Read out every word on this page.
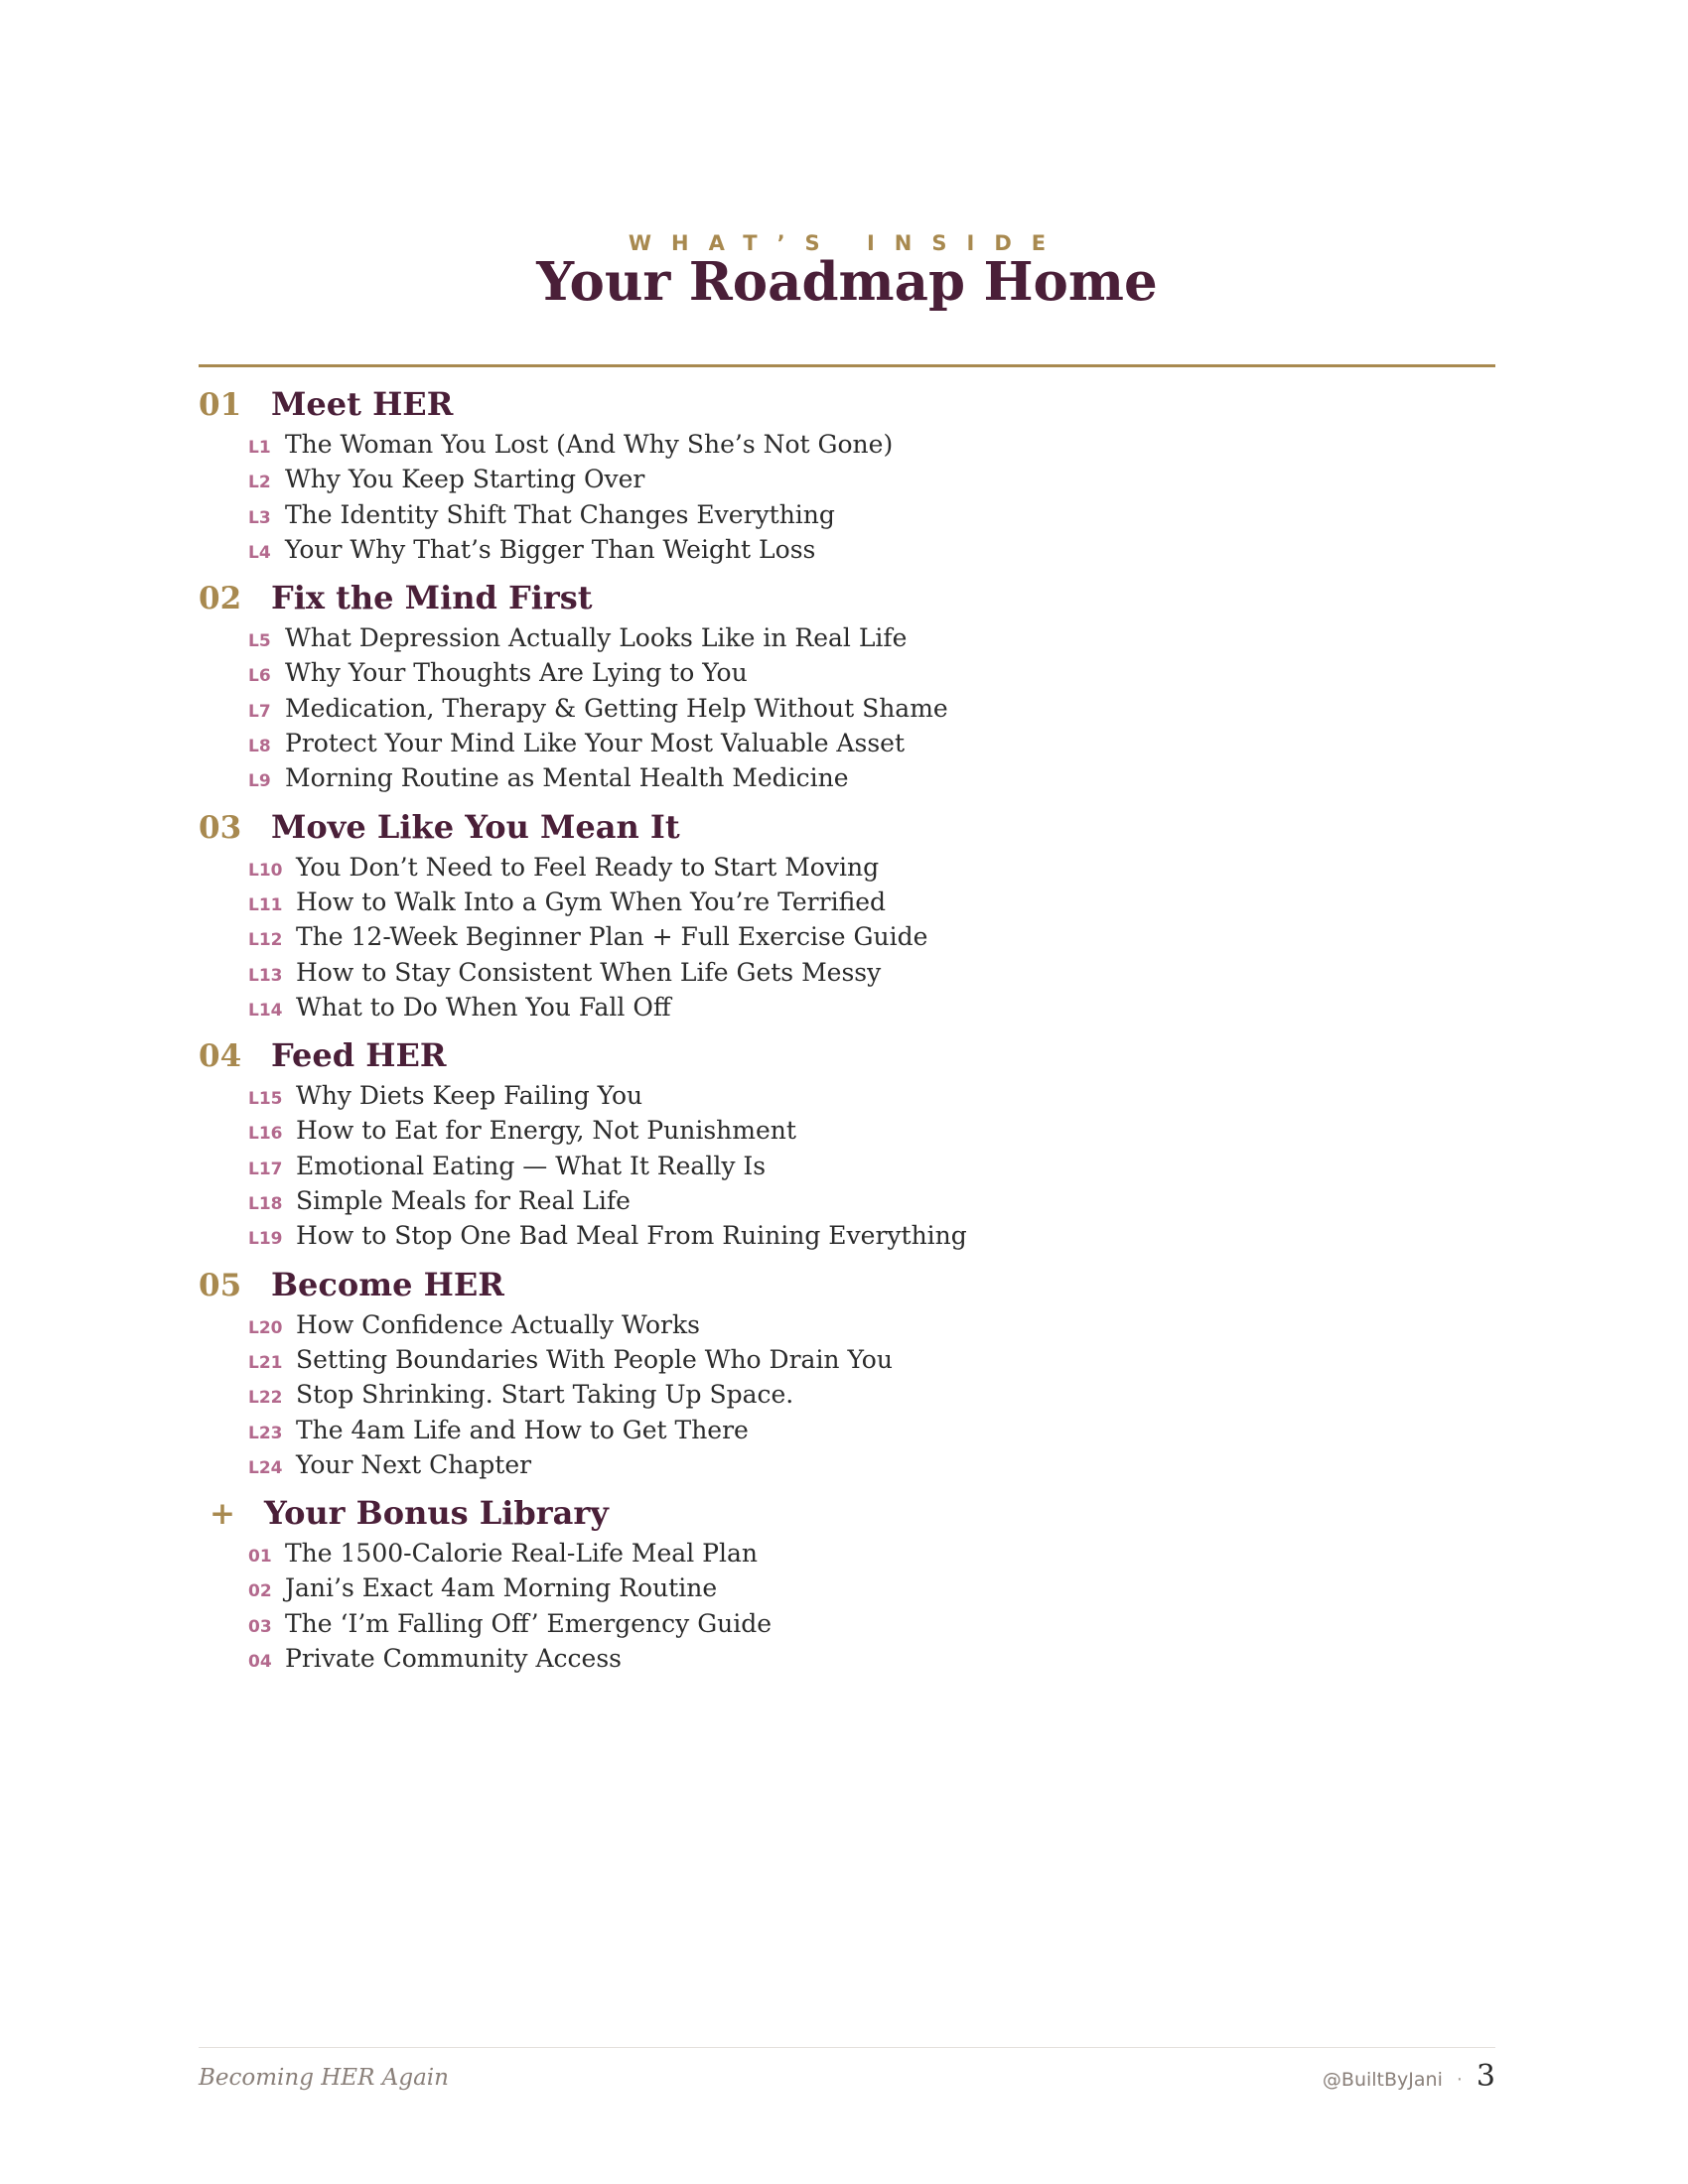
WHAT’S INSIDE
Your Roadmap Home
01 Meet HER
L1 The Woman You Lost (And Why She’s Not Gone)
L2 Why You Keep Starting Over
L3 The Identity Shift That Changes Everything
L4 Your Why That’s Bigger Than Weight Loss
02 Fix the Mind First
L5 What Depression Actually Looks Like in Real Life
L6 Why Your Thoughts Are Lying to You
L7 Medication, Therapy & Getting Help Without Shame
L8 Protect Your Mind Like Your Most Valuable Asset
L9 Morning Routine as Mental Health Medicine
03 Move Like You Mean It
L10 You Don’t Need to Feel Ready to Start Moving
L11 How to Walk Into a Gym When You’re Terrified
L12 The 12-Week Beginner Plan + Full Exercise Guide
L13 How to Stay Consistent When Life Gets Messy
L14 What to Do When You Fall Off
04 Feed HER
L15 Why Diets Keep Failing You
L16 How to Eat for Energy, Not Punishment
L17 Emotional Eating — What It Really Is
L18 Simple Meals for Real Life
L19 How to Stop One Bad Meal From Ruining Everything
05 Become HER
L20 How Confidence Actually Works
L21 Setting Boundaries With People Who Drain You
L22 Stop Shrinking. Start Taking Up Space.
L23 The 4am Life and How to Get There
L24 Your Next Chapter
+ Your Bonus Library
01 The 1500-Calorie Real-Life Meal Plan
02 Jani’s Exact 4am Morning Routine
03 The ‘I’m Falling Off’ Emergency Guide
04 Private Community Access
Becoming HER Again	@BuiltByJani · 3
